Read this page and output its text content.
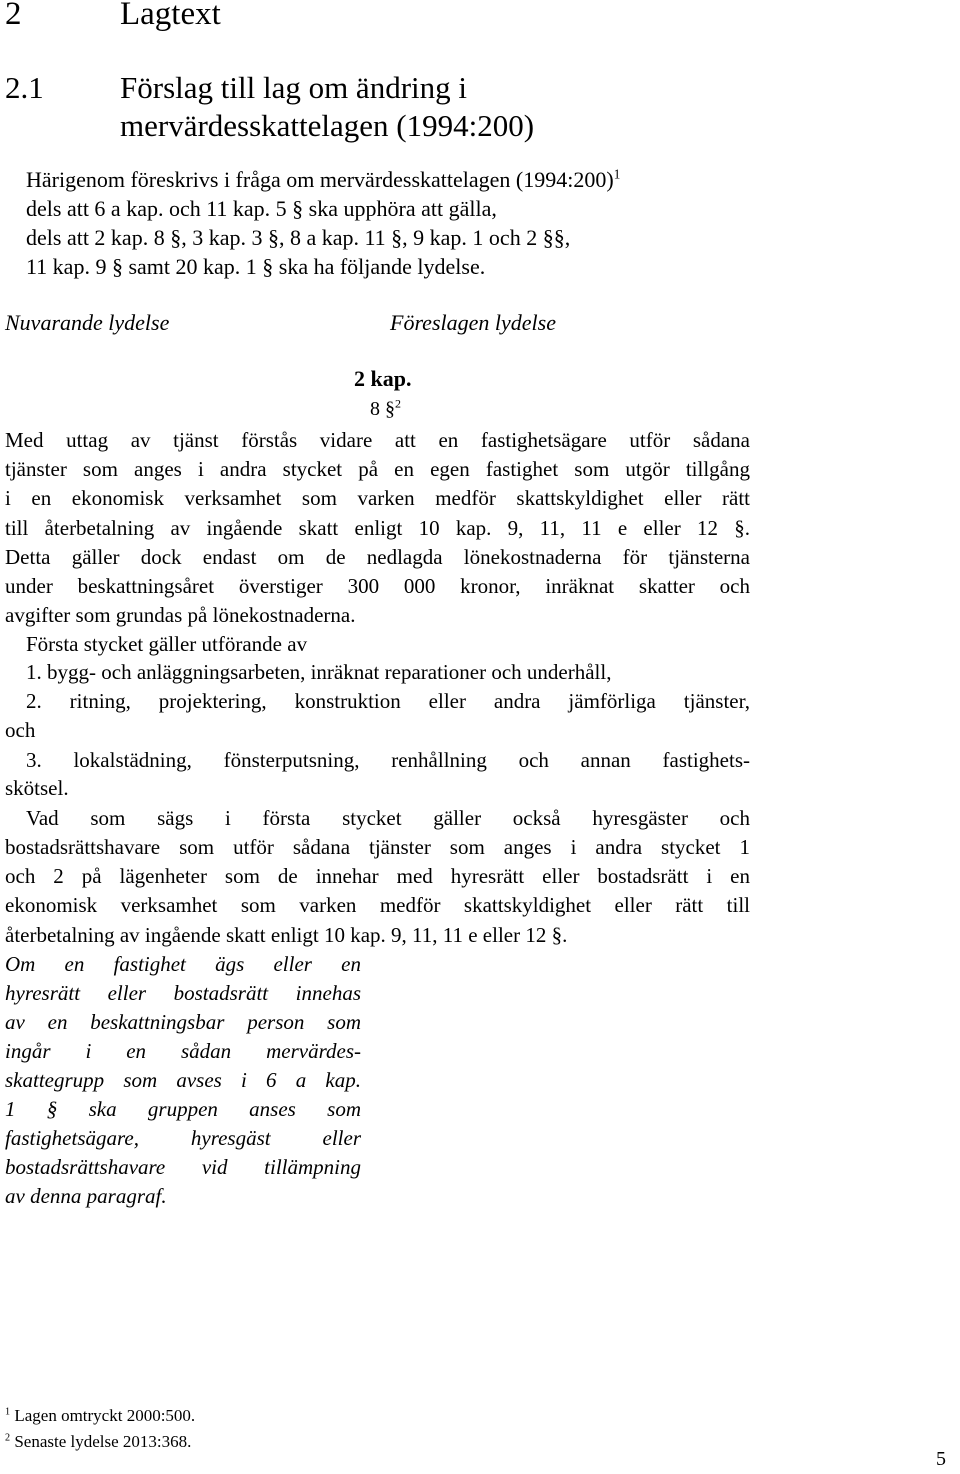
2	Lagtext

2.1 Förslag till lag om ändring i

mervärdesskattelagen (1994:200)

Härigenom föreskrivs i fråga om mervärdesskattelagen (1994:200)$^1$

dels att 6 a kap. och 11 kap. 5 § ska upphöra att gälla,

dels att 2 kap. 8 §, 3 kap. 3 §, 8 a kap. 11 §, 9 kap. 1 och 2 §§,

11 kap. 9 § samt 20 kap. 1 § ska ha följande lydelse.

Nuvarande lydelse	Föreslagen lydelse

2 kap.

8 §$^2$

Med uttag av tjänst förstås vidare att en fastighetsägare utför sådana

tjänster som anges i andra stycket på en egen fastighet som utgör tillgång

i en ekonomisk verksamhet som varken medför skattskyldighet eller rätt

till återbetalning av ingående skatt enligt 10 kap. 9, 11, 11 e eller 12 §.

Detta gäller dock endast om de nedlagda lönekostnaderna för tjänsterna

under beskattningsåret överstiger 300 000 kronor, inräknat skatter och

avgifter som grundas på lönekostnaderna.

Första stycket gäller utförande av

1. bygg- och anläggningsarbeten, inräknat reparationer och underhåll,

2. ritning, projektering, konstruktion eller andra jämförliga tjänster,

och

3. lokalstädning, fönsterputsning, renhållning och annan fastighets-

skötsel.

Vad som sägs i första stycket gäller också hyresgäster och

bostadsrättshavare som utför sådana tjänster som anges i andra stycket 1

och 2 på lägenheter som de innehar med hyresrätt eller bostadsrätt i en

ekonomisk verksamhet som varken medför skattskyldighet eller rätt till

återbetalning av ingående skatt enligt 10 kap. 9, 11, 11 e eller 12 §.

Om en fastighet ägs eller en

hyresrätt eller bostadsrätt innehas

av en beskattningsbar person som

ingår i en sådan mervärdes-

skattegrupp som avses i 6 a kap.

1 § ska gruppen anses som

fastighetsägare, hyresgäst eller

bostadsrättshavare vid tillämpning

av denna paragraf.

$^1$ Lagen omtryckt 2000:500.

$^2$ Senaste lydelse 2013:368.

5
